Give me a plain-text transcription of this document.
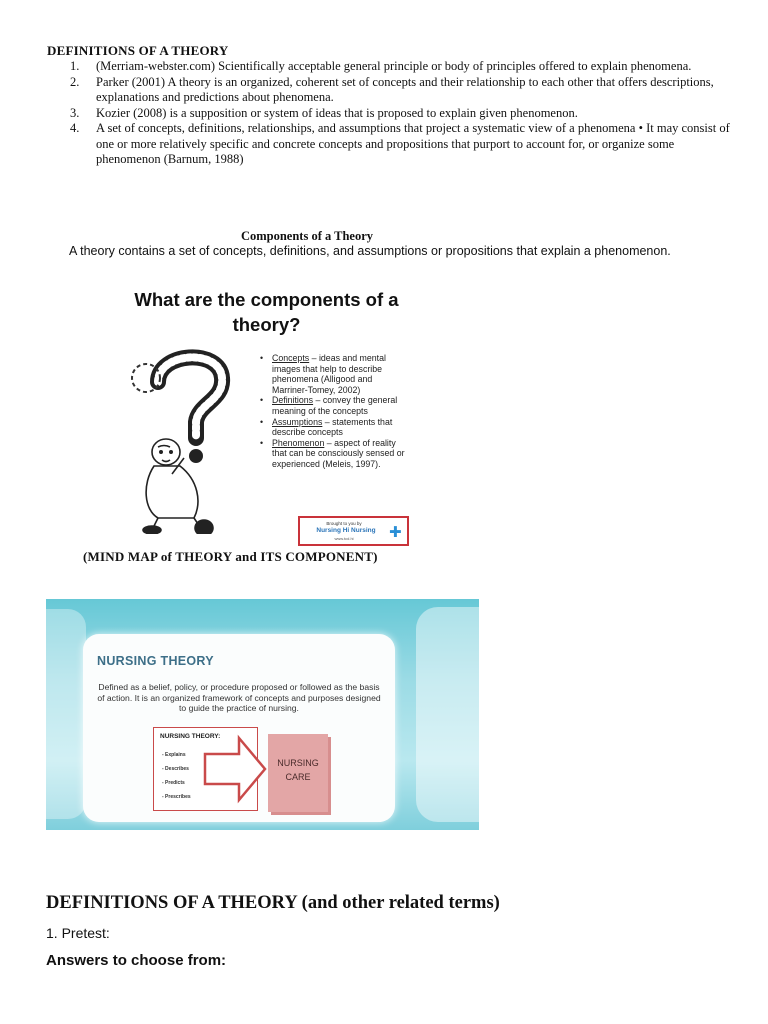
DEFINITIONS OF A THEORY
1.	(Merriam-webster.com) Scientifically acceptable general principle or body of principles offered to explain phenomena.
2.	Parker (2001) A theory is an organized, coherent set of concepts and their relationship to each other that offers descriptions, explanations and predictions about phenomena.
3.	Kozier (2008) is a supposition or system of ideas that is proposed to explain given phenomenon.
4.	A set of concepts, definitions, relationships, and assumptions that project a systematic view of a phenomena • It may consist of one or more relatively specific and concrete concepts and propositions that purport to account for, or organize some phenomenon (Barnum, 1988)
Components of a Theory
A theory contains a set of concepts, definitions, and assumptions or propositions that explain a phenomenon.
What are the components of a theory?
•	Concepts – ideas and mental images that help to describe phenomena (Alligood and Marriner-Tomey, 2002)
•	Definitions – convey the general meaning of the concepts
•	Assumptions – statements that describe concepts
•	Phenomenon – aspect of reality that can be consciously sensed or experienced (Meleis, 1997).
Brought to you by
Nursing Hi Nursing
www.tcd.hi	✚
(MIND MAP of THEORY and ITS COMPONENT)
NURSING THEORY
Defined as a belief, policy, or procedure proposed or followed as the basis of action. It is an organized framework of concepts and purposes designed to guide the practice of nursing.
NURSING THEORY:
- Explains
- Describes
- Predicts
- Prescribes
NURSING
CARE
DEFINITIONS OF A THEORY (and other related terms)
1. Pretest:
Answers to choose from:
